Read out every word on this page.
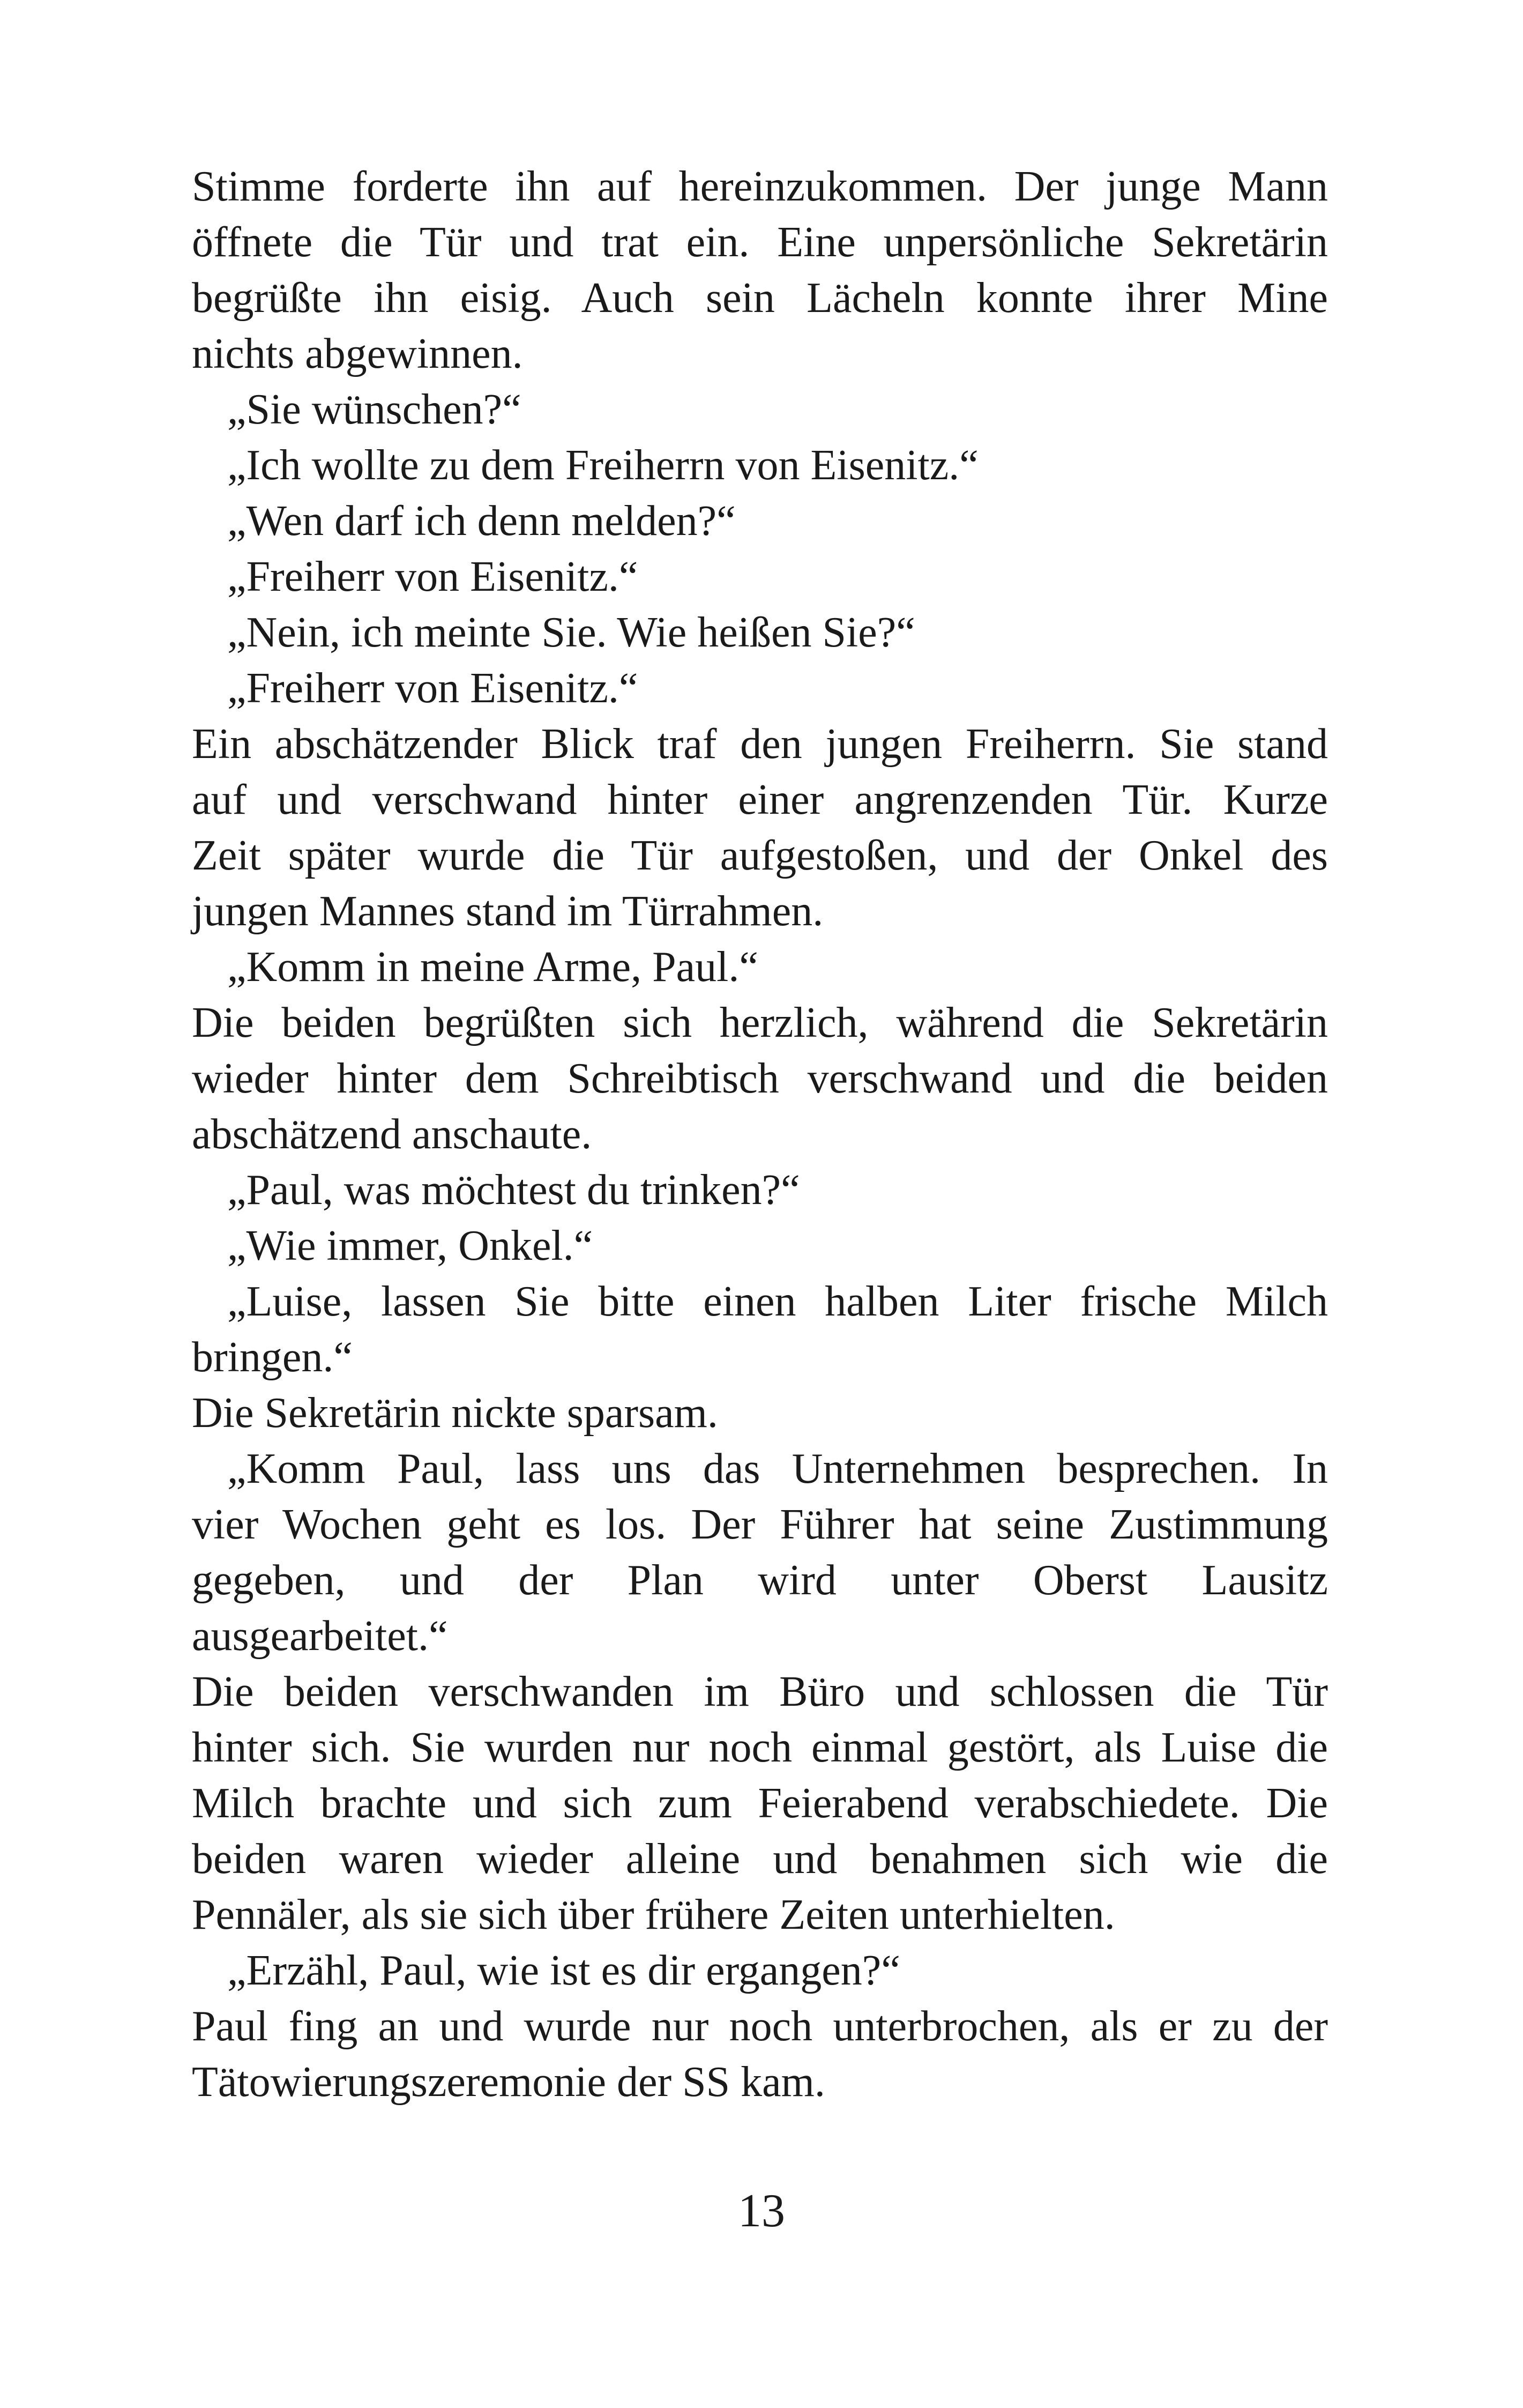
Stimme forderte ihn auf hereinzukommen. Der junge Mann
öffnete die Tür und trat ein. Eine unpersönliche Sekretärin
begrüßte ihn eisig. Auch sein Lächeln konnte ihrer Mine
nichts abgewinnen.
„Sie wünschen?“
„Ich wollte zu dem Freiherrn von Eisenitz.“
„Wen darf ich denn melden?“
„Freiherr von Eisenitz.“
„Nein, ich meinte Sie. Wie heißen Sie?“
„Freiherr von Eisenitz.“
Ein abschätzender Blick traf den jungen Freiherrn. Sie stand
auf und verschwand hinter einer angrenzenden Tür. Kurze
Zeit später wurde die Tür aufgestoßen, und der Onkel des
jungen Mannes stand im Türrahmen.
„Komm in meine Arme, Paul.“
Die beiden begrüßten sich herzlich, während die Sekretärin
wieder hinter dem Schreibtisch verschwand und die beiden
abschätzend anschaute.
„Paul, was möchtest du trinken?“
„Wie immer, Onkel.“
„Luise, lassen Sie bitte einen halben Liter frische Milch
bringen.“
Die Sekretärin nickte sparsam.
„Komm Paul, lass uns das Unternehmen besprechen. In
vier Wochen geht es los. Der Führer hat seine Zustimmung
gegeben, und der Plan wird unter Oberst Lausitz
ausgearbeitet.“
Die beiden verschwanden im Büro und schlossen die Tür
hinter sich. Sie wurden nur noch einmal gestört, als Luise die
Milch brachte und sich zum Feierabend verabschiedete. Die
beiden waren wieder alleine und benahmen sich wie die
Pennäler, als sie sich über frühere Zeiten unterhielten.
„Erzähl, Paul, wie ist es dir ergangen?“
Paul fing an und wurde nur noch unterbrochen, als er zu der
Tätowierungszeremonie der SS kam.
13
